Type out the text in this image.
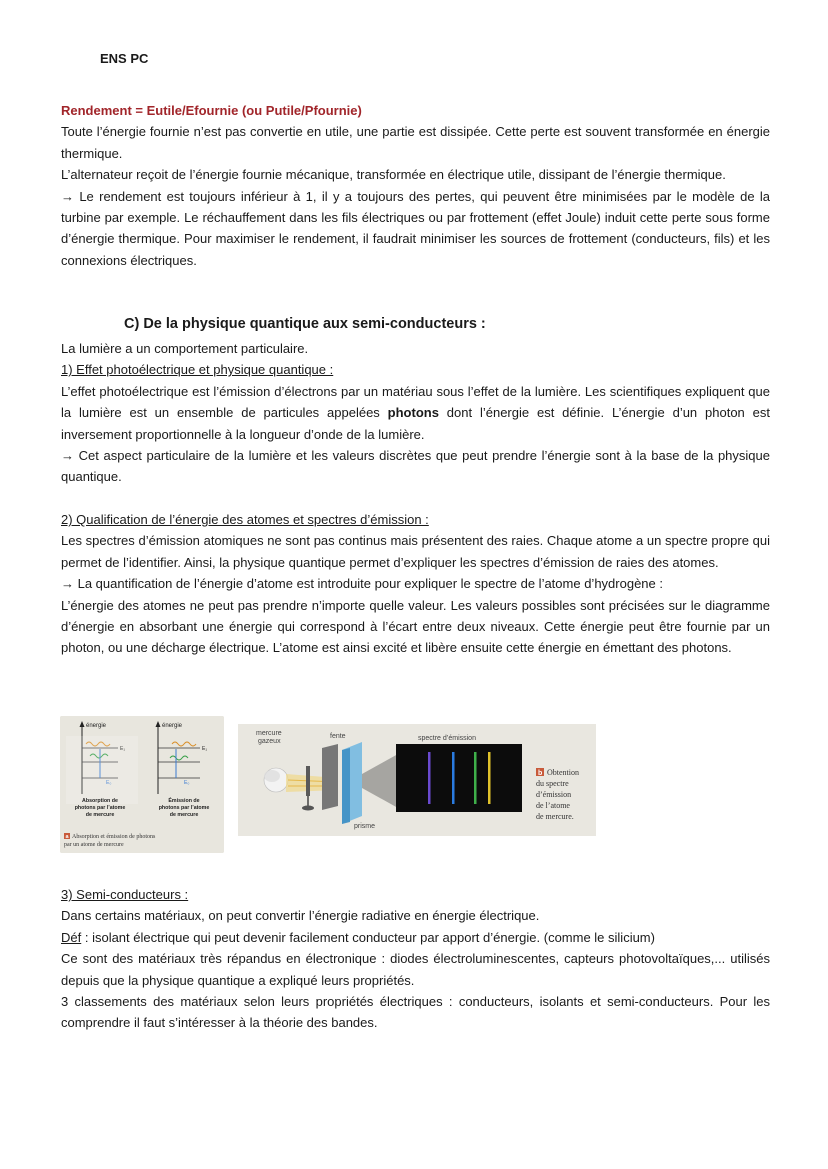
ENS PC

Rendement = Eutile/Efournie (ou Putile/Pfournie)

Toute l’énergie fournie n’est pas convertie en utile, une partie est dissipée. Cette perte est souvent transformée en énergie thermique.

L’alternateur reçoit de l’énergie fournie mécanique, transformée en électrique utile, dissipant de l’énergie thermique.

→ Le rendement est toujours inférieur à 1, il y a toujours des pertes, qui peuvent être minimisées par le modèle de la turbine par exemple. Le réchauffement dans les fils électriques ou par frottement (effet Joule) induit cette perte sous forme d’énergie thermique. Pour maximiser le rendement, il faudrait minimiser les sources de frottement (conducteurs, fils) et les connexions électriques.

C) De la physique quantique aux semi-conducteurs :

La lumière a un comportement particulaire.

1) Effet photoélectrique et physique quantique :

L’effet photoélectrique est l’émission d’électrons par un matériau sous l’effet de la lumière. Les scientifiques expliquent que la lumière est un ensemble de particules appelées photons dont l’énergie est définie. L’énergie d’un photon est inversement proportionnelle à la longueur d’onde de la lumière.

→ Cet aspect particulaire de la lumière et les valeurs discrètes que peut prendre l’énergie sont à la base de la physique quantique.

2) Qualification de l’énergie des atomes et spectres d’émission :

Les spectres d’émission atomiques ne sont pas continus mais présentent des raies. Chaque atome a un spectre propre qui permet de l’identifier. Ainsi, la physique quantique permet d’expliquer les spectres d’émission de raies des atomes.

→ La quantification de l’énergie d’atome est introduite pour expliquer le spectre de l’atome d’hydrogène :

L’énergie des atomes ne peut pas prendre n’importe quelle valeur. Les valeurs possibles sont précisées sur le diagramme d’énergie en absorbant une énergie qui correspond à l’écart entre deux niveaux. Cette énergie peut être fournie par un photon, ou une décharge électrique. L’atome est ainsi excité et libère ensuite cette énergie en émettant des photons.

énergie
E₁
E₀
Absorption de photons par l’atome de mercure
énergie
E₁
E₀
Émission de photons par l’atome de mercure
a Absorption et émission de photons par un atome de mercure
mercure gazeux
fente
prisme
spectre d’émission
b Obtention du spectre d’émission de l’atome de mercure.

3) Semi-conducteurs :

Dans certains matériaux, on peut convertir l’énergie radiative en énergie électrique.

Déf : isolant électrique qui peut devenir facilement conducteur par apport d’énergie. (comme le silicium)

Ce sont des matériaux très répandus en électronique : diodes électroluminescentes, capteurs photovoltaïques,... utilisés depuis que la physique quantique a expliqué leurs propriétés.

3 classements des matériaux selon leurs propriétés électriques : conducteurs, isolants et semi-conducteurs. Pour les comprendre il faut s’intéresser à la théorie des bandes.
